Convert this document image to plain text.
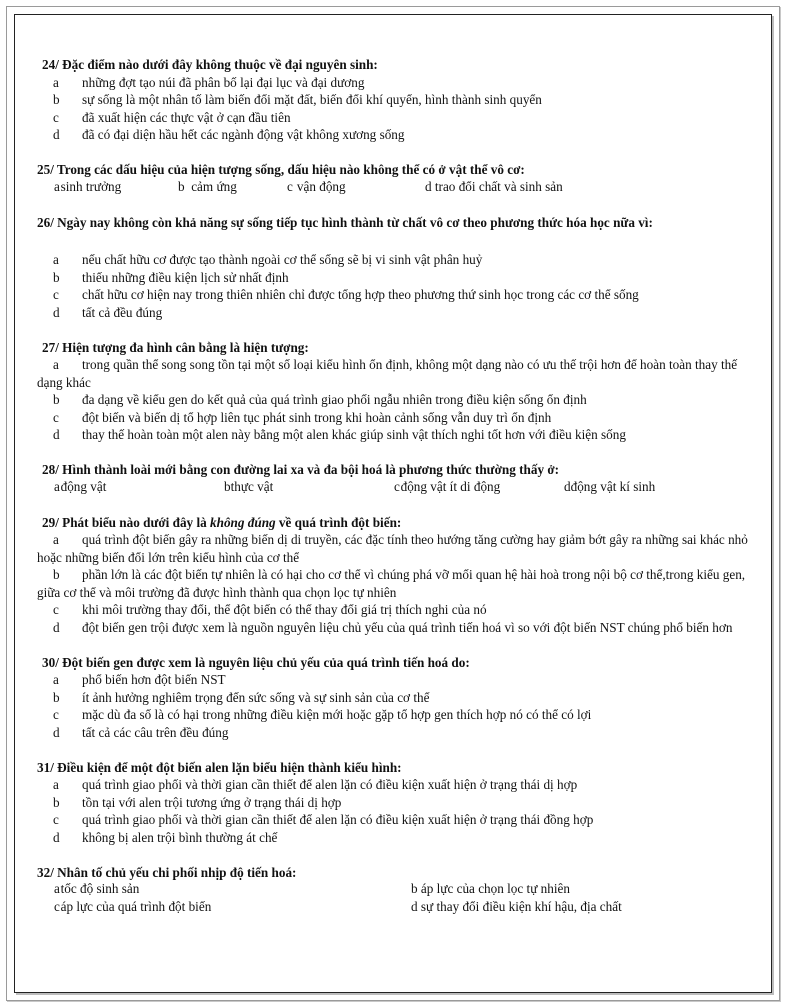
24/ Đặc điểm nào dưới đây không thuộc về đại nguyên sinh:
a những đợt tạo núi đã phân bố lại đại lục và đại dương
b sự sống là một nhân tố làm biến đổi mặt đất, biến đổi khí quyển, hình thành sinh quyển
c đã xuất hiện các thực vật ở cạn đầu tiên
d đã có đại diện hầu hết các ngành động vật không xương sống
25/ Trong các dấu hiệu của hiện tượng sống, dấu hiệu nào không thể có ở vật thể vô cơ:
a
sinh trưởng	b
cảm ứng	c
vận động	d
trao đổi chất và sinh sản
26/ Ngày nay không còn khả năng sự sống tiếp tục hình thành từ chất vô cơ theo phương thức hóa học nữa vì:
a nếu chất hữu cơ được tạo thành ngoài cơ thể sống sẽ bị vi sinh vật phân huỷ
b thiếu những điều kiện lịch sử nhất định
c chất hữu cơ hiện nay trong thiên nhiên chỉ được tổng hợp theo phương thứ sinh học trong các cơ thể sống
d tất cả đều đúng
27/ Hiện tượng đa hình cân bằng là hiện tượng:
a trong quần thể song song tồn tại một số loại kiểu hình ổn định, không một dạng nào có ưu thế trội hơn để hoàn toàn thay thế dạng khác
b đa dạng về kiểu gen do kết quả của quá trình giao phối ngẫu nhiên trong điều kiện sống ổn định
c đột biến và biến dị tổ hợp liên tục phát sinh trong khi hoàn cảnh sống vẫn duy trì ổn định
d thay thế hoàn toàn một alen này bằng một alen khác giúp sinh vật thích nghi tốt hơn với điều kiện sống
28/ Hình thành loài mới bằng con đường lai xa và đa bội hoá là phương thức thường thấy ở:
a
động vật	b
thực vật	c
động vật ít di động	d
động vật kí sinh
29/ Phát biểu nào dưới đây là không đúng về quá trình đột biến:
a quá trình đột biến gây ra những biến dị di truyền, các đặc tính theo hướng tăng cường hay giảm bớt gây ra những sai khác nhỏ hoặc những biến đổi lớn trên kiểu hình của cơ thể
b phần lớn là các đột biến tự nhiên là có hại cho cơ thể vì chúng phá vỡ mối quan hệ hài hoà trong nội bộ cơ thể,trong kiểu gen, giữa cơ thể và môi trường đã được hình thành qua chọn lọc tự nhiên
c khi môi trường thay đổi, thể đột biến có thể thay đổi giá trị thích nghi của nó
d đột biến gen trội được xem là nguồn nguyên liệu chủ yếu của quá trình tiến hoá vì so với đột biến NST chúng phổ biến hơn
30/ Đột biến gen được xem là nguyên liệu chủ yếu của quá trình tiến hoá do:
a phổ biến hơn đột biến NST
b ít ảnh hưởng nghiêm trọng đến sức sống và sự sinh sản của cơ thể
c mặc dù đa số là có hại trong những điều kiện mới hoặc gặp tổ hợp gen thích hợp nó có thể có lợi
d tất cả các câu trên đều đúng
31/ Điều kiện để một đột biến alen lặn biểu hiện thành kiểu hình:
a quá trình giao phối và thời gian cần thiết để alen lặn có điều kiện xuất hiện ở trạng thái dị hợp
b tồn tại với alen trội tương ứng ở trạng thái dị hợp
c quá trình giao phối và thời gian cần thiết để alen lặn có điều kiện xuất hiện ở trạng thái đồng hợp
d không bị alen trội bình thường át chế
32/ Nhân tố chủ yếu chi phối nhịp độ tiến hoá:
a
tốc độ sinh sản	b
áp lực của chọn lọc tự nhiên
c
áp lực của quá trình đột biến	d
sự thay đổi điều kiện khí hậu, địa chất
